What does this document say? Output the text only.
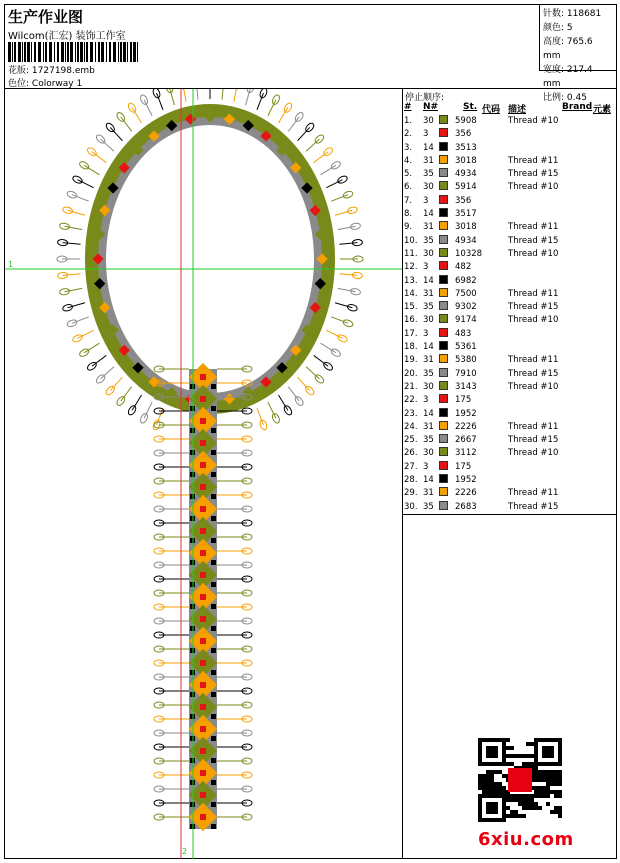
生产作业图
Wilcom(汇宏) 装饰工作室
花版: 1727198.emb
色位: Colorway 1
针数: 118681
颜色: 5
高度: 765.6 mm
宽度: 217.4 mm
比例: 0.45
1
2
停止顺序:
# N#	St. 代码 描述	Brand 元素
1. 30 5908	Thread #10
2. 3	356
3. 14 3513
4. 31 3018	Thread #11
5. 35 4934	Thread #15
6. 30 5914	Thread #10
7. 3	356
8. 14 3517
9. 31 3018	Thread #11
10. 35 4934	Thread #15
11. 30 10328	Thread #10
12. 3	482
13. 14 6982
14. 31 7500	Thread #11
15. 35 9302	Thread #15
16. 30 9174	Thread #10
17. 3	483
18. 14 5361
19. 31 5380	Thread #11
20. 35 7910	Thread #15
21. 30 3143	Thread #10
22. 3	175
23. 14 1952
24. 31 2226	Thread #11
25. 35 2667	Thread #15
26. 30 3112	Thread #10
27. 3	175
28. 14 1952
29. 31 2226	Thread #11
30. 35 2683	Thread #15
6xiu.com
